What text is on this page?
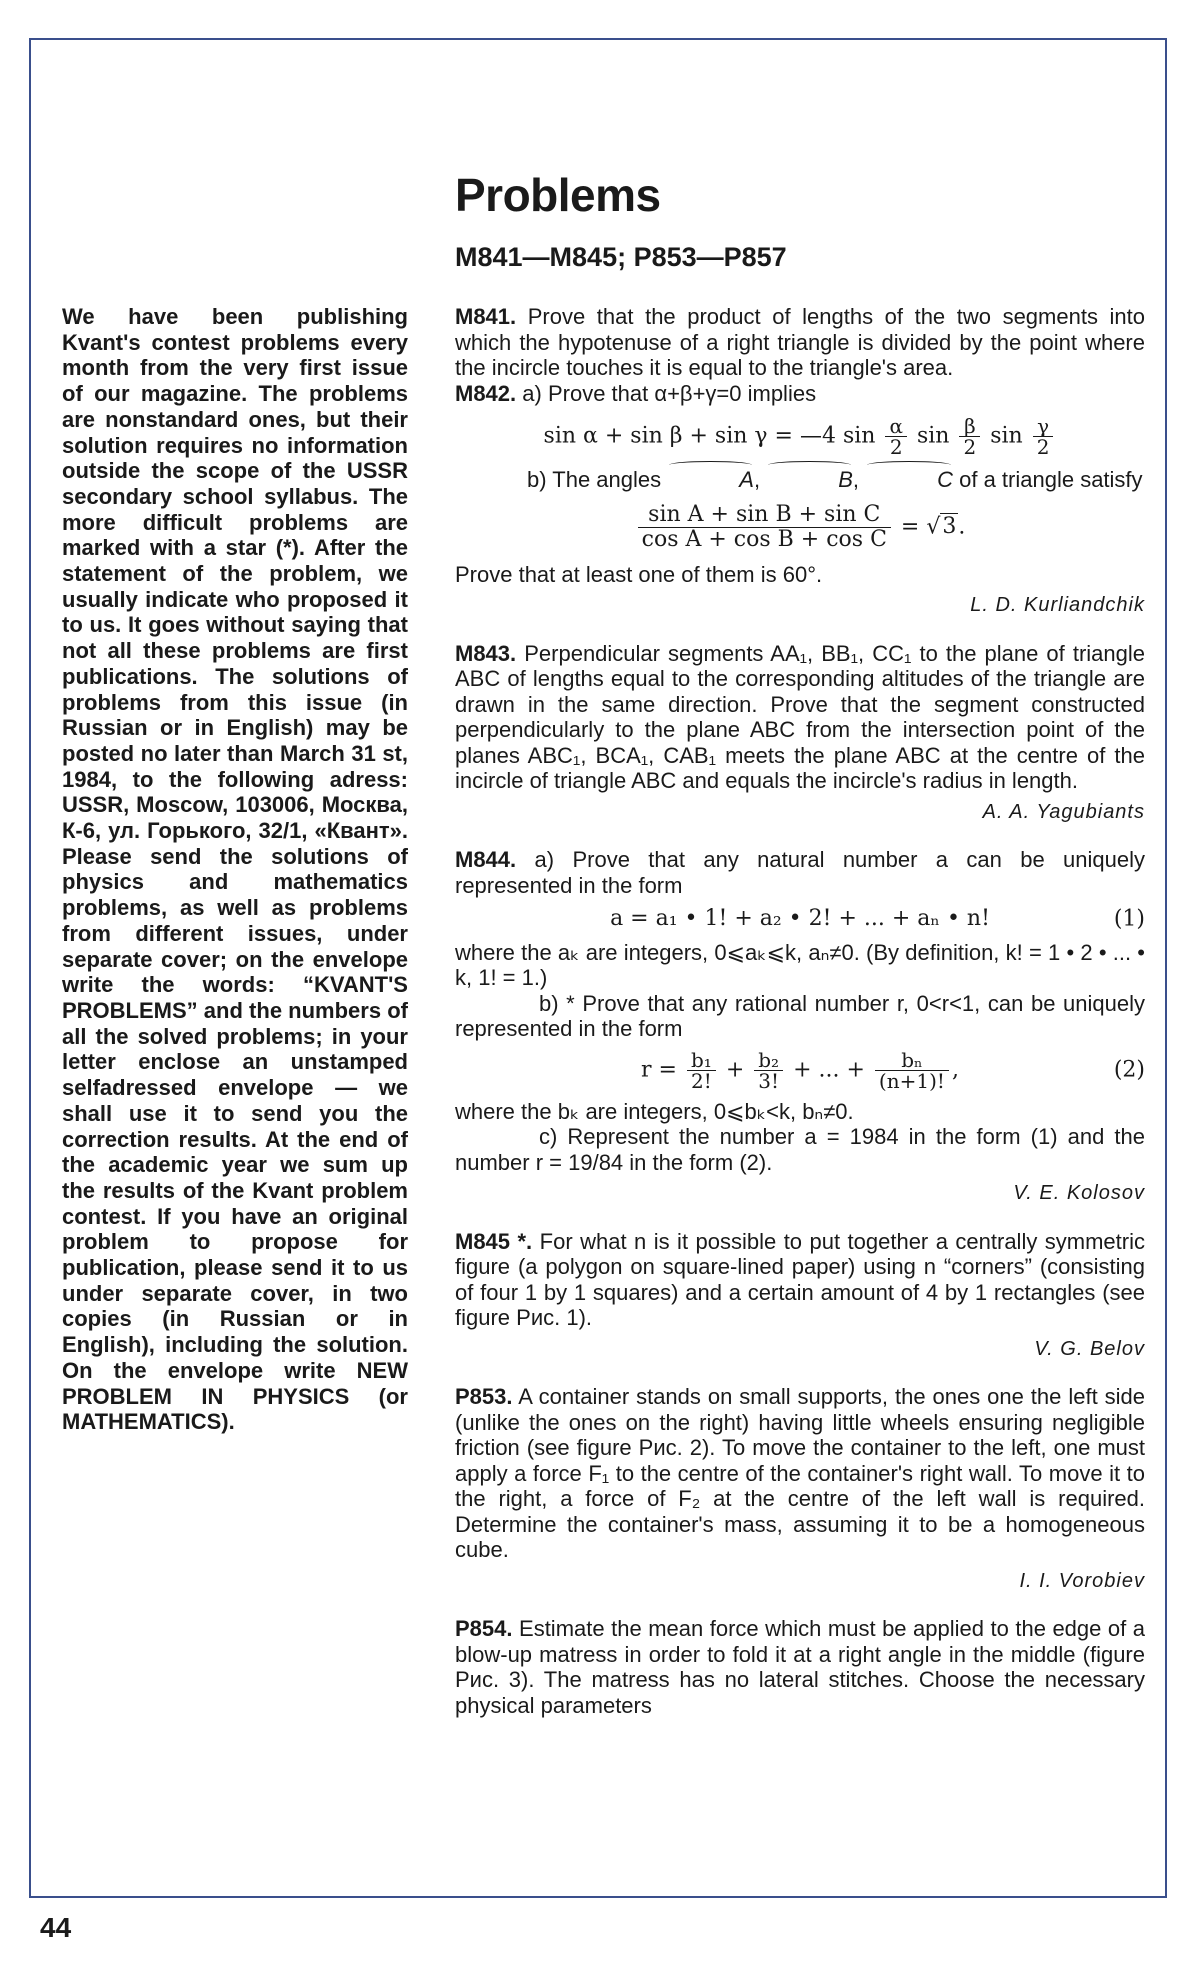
44

We have been publishing Kvant's contest problems every month from the very first issue of our magazine. The problems are nonstandard ones, but their solution requires no information outside the scope of the USSR secondary school syllabus. The more difficult problems are marked with a star (*). After the statement of the problem, we usually indicate who proposed it to us. It goes without saying that not all these problems are first publications. The solutions of problems from this issue (in Russian or in English) may be posted no later than March 31 st, 1984, to the following adress: USSR, Moscow, 103006, Москва, К-6, ул. Горького, 32/1, «Квант». Please send the solutions of physics and mathematics problems, as well as problems from different issues, under separate cover; on the envelope write the words: “KVANT'S PROBLEMS” and the numbers of all the solved problems; in your letter enclose an unstamped selfadressed envelope — we shall use it to send you the correction results. At the end of the academic year we sum up the results of the Kvant problem contest. If you have an original problem to propose for publication, please send it to us under separate cover, in two copies (in Russian or in English), including the solution. On the envelope write NEW PROBLEM IN PHYSICS (or MATHEMATICS).

Problems
M841—M845; P853—P857

M841. Prove that the product of lengths of the two segments into which the hypotenuse of a right triangle is divided by the point where the incircle touches it is equal to the triangle's area.

M842. a) Prove that α+β+γ=0 implies

sin α + sin β + sin γ = —4 $\sin \frac{\alpha}{2}$ $\sin \frac{\beta}{2}$ $\sin \frac{\gamma}{2}$

b) The angles	A,	B,	C of a triangle satisfy

$\frac{\text{sin A + sin B + sin C}}{\text{cos A + cos B + cos C}} = √3$.

Prove that at least one of them is 60°.

L. D. Kurliandchik

M843. Perpendicular segments AA₁, BB₁, CC₁ to the plane of triangle ABC of lengths equal to the corresponding altitudes of the triangle are drawn in the same direction. Prove that the segment constructed perpendicularly to the plane ABC from the intersection point of the planes ABC₁, BCA₁, CAB₁ meets the plane ABC at the centre of the incircle of triangle ABC and equals the incircle's radius in length.

A. A. Yagubiants

M844. a) Prove that any natural number a can be uniquely represented in the form

a = a₁ • 1! + a₂ • 2! + ... + aₙ • n!	(1)

where the aₖ are integers, 0⩽aₖ⩽k, aₙ≠0. (By definition, k! = 1 • 2 • ... • k, 1! = 1.)

b) * Prove that any rational number r, 0<r<1, can be uniquely represented in the form

$r = \frac{\text{b₁}}{2!} + \frac{\text{b₂}}{3!}$ + ... + $\frac{\text{bₙ}}{(n+1)!}$ ,	(2)

where the bₖ are integers, 0⩽bₖ<k, bₙ≠0.

c) Represent the number a = 1984 in the form (1) and the number r = 19/84 in the form (2).

V. E. Kolosov

M845 *. For what n is it possible to put together a centrally symmetric figure (a polygon on square-lined paper) using n “corners” (consisting of four 1 by 1 squares) and a certain amount of 4 by 1 rectangles (see figure Рис. 1).

V. G. Belov

P853. A container stands on small supports, the ones one the left side (unlike the ones on the right) having little wheels ensuring negligible friction (see figure Рис. 2). To move the container to the left, one must apply a force F₁ to the centre of the container's right wall. To move it to the right, a force of F₂ at the centre of the left wall is required. Determine the container's mass, assuming it to be a homogeneous cube.

I. I. Vorobiev

P854. Estimate the mean force which must be applied to the edge of a blow-up matress in order to fold it at a right angle in the middle (figure Рис. 3). The matress has no lateral stitches. Choose the necessary physical parameters
